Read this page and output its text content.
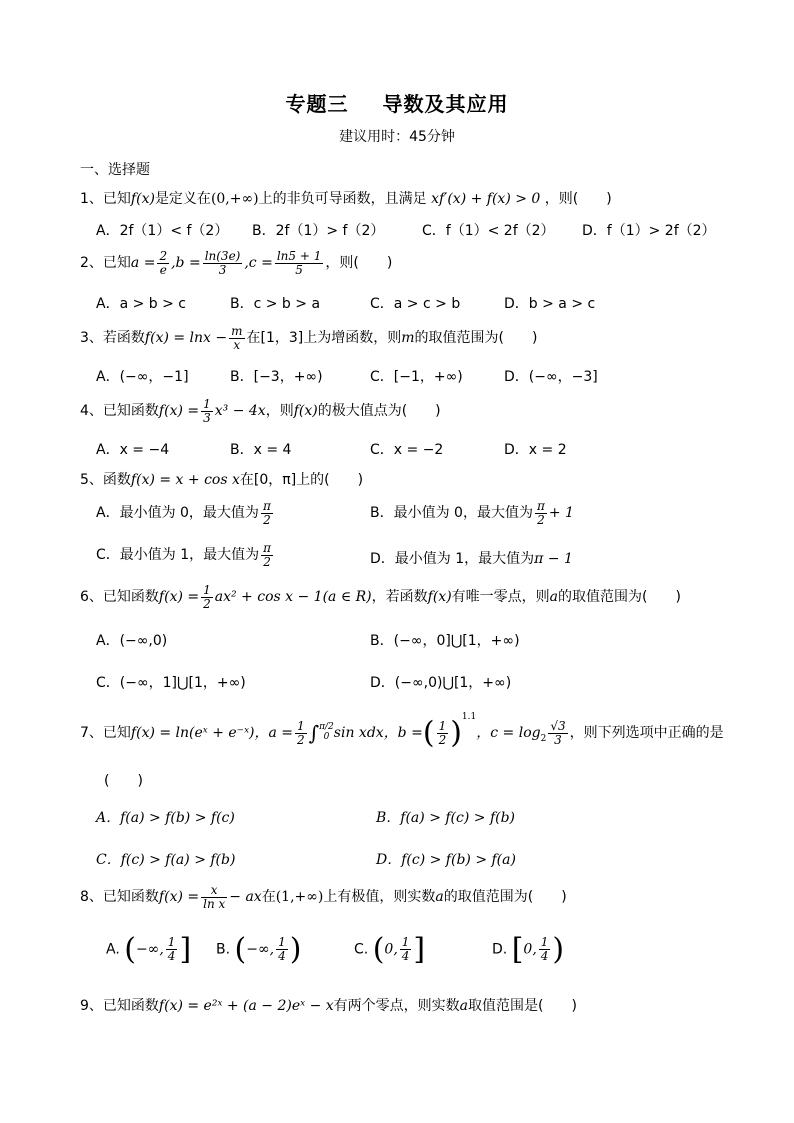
专题三 导数及其应用
建议用时：45分钟
一、选择题
1、已知f(x)是定义在(0,+∞)上的非负可导函数，且满足 xf′(x) + f(x) > 0 ，则(　　)
A．2f（1）< f（2） B．2f（1）> f（2）	C．f（1）< 2f（2） D．f（1）> 2f（2）
2、已知$a = \frac{2}{e} ,b = \frac{\ln(3e)}{3} ,c = \frac{\ln 5 + 1}{5}$ ，则(　　)
A．a > b > c	B．c > b > a	C．a > c > b	D．b > a > c
3、若函数$f(x) = \ln x - \frac{m}{x}$ 在[1，3]上为增函数，则m的取值范围为(　　)
A．(−∞，−1]	B．[−3，+∞)	C．[−1，+∞)	D．(−∞，−3]
4、已知函数$f(x) = \frac{1}{3} x^3 - 4x$，则f(x)的极大值点为(　　)
A．x = −4	B．x = 4	C．x = −2	D．x = 2
5、函数f(x) = x + cos x在[0，π]上的(　　)
A．最小值为 0，最大值为 $\frac{\pi}{2}$	B．最小值为 0，最大值为 $\frac{\pi}{2} + 1$
C．最小值为 1，最大值为 $\frac{\pi}{2}$	D．最小值为 1，最大值为π − 1
6、已知函数$f(x) = \frac{1}{2} ax^2 + \cos x - 1(a$ ∈ R)，若函数f(x)有唯一零点，则a的取值范围为(　　)
A．(−∞,0)	B．(−∞，0]⋃[1，+∞)
C．(−∞，1]⋃[1，+∞)	D．(−∞,0)⋃[1，+∞)
7、已知f(x) = ln(eˣ + e⁻ˣ)，$a = \frac{1}{2}$ ∫ π/2
0 sin xdx，b =( $\frac{1}{2} )^{1.1}$，$c = \log_2 \frac{√3}{3}$ ，则下列选项中正确的是
(　　)
A．f(a) > f(b) > f(c)	B．f(a) > f(c) > f(b)
C．f(c) > f(a) > f(b)	D．f(c) > f(b) > f(a)
8、已知函数$f(x) = \frac{x}{\text{ln x}}$ − ax在(1,+∞)上有极值，则实数a的取值范围为(　　)
A. (−∞, $\frac{1}{4}$ ] B. (−∞, $\frac{1}{4}$ )	C. (0, $\frac{1}{4}$ ]	D. [0, $\frac{1}{4}$ )
9、已知函数f(x) = e²ˣ + (a − 2)eˣ − x有两个零点，则实数a取值范围是(　　)
